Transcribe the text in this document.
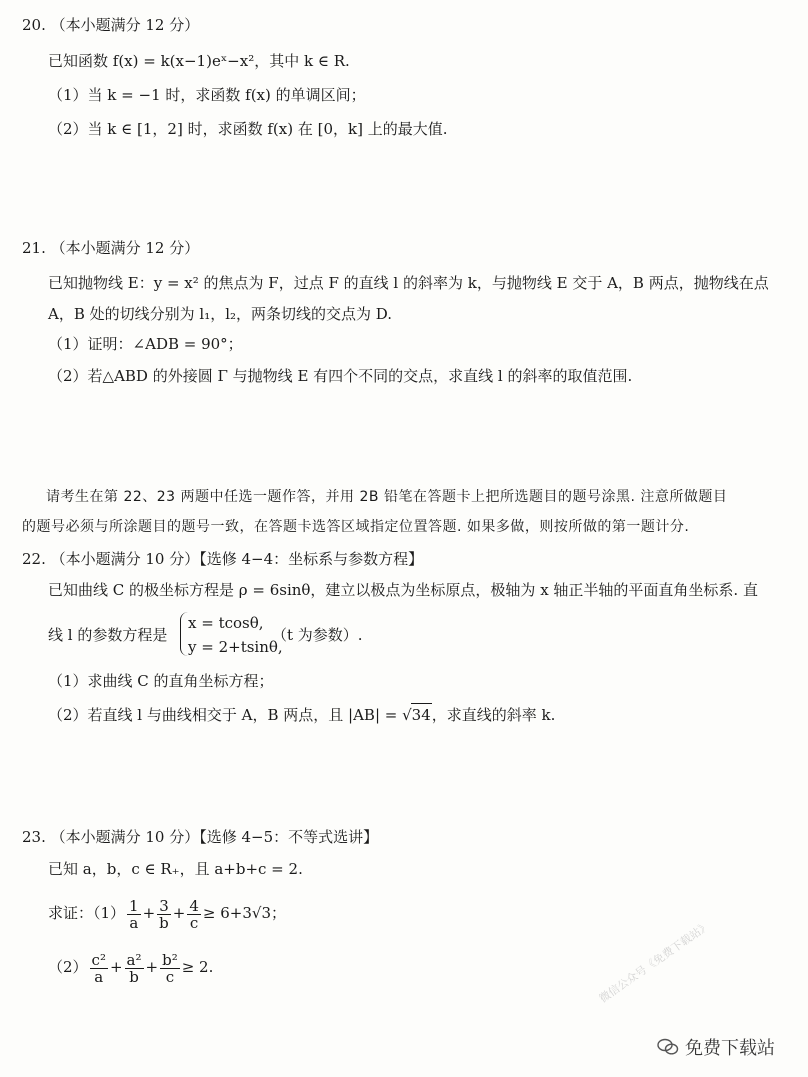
20. （本小题满分 12 分）
已知函数 f(x) = k(x−1)eˣ−x²，其中 k ∈ R.
（1）当 k = −1 时，求函数 f(x) 的单调区间；
（2）当 k ∈ [1，2] 时，求函数 f(x) 在 [0，k] 上的最大值.
21. （本小题满分 12 分）
已知抛物线 E：y = x² 的焦点为 F，过点 F 的直线 l 的斜率为 k，与抛物线 E 交于 A，B 两点，抛物线在点
A，B 处的切线分别为 l₁，l₂，两条切线的交点为 D.
（1）证明：∠ADB = 90°；
（2）若△ABD 的外接圆 Γ 与抛物线 E 有四个不同的交点，求直线 l 的斜率的取值范围.
请考生在第 22、23 两题中任选一题作答，并用 2B 铅笔在答题卡上把所选题目的题号涂黑. 注意所做题目
的题号必须与所涂题目的题号一致，在答题卡选答区域指定位置答题. 如果多做，则按所做的第一题计分.
22. （本小题满分 10 分）【选修 4−4：坐标系与参数方程】
已知曲线 C 的极坐标方程是 ρ = 6sinθ，建立以极点为坐标原点，极轴为 x 轴正半轴的平面直角坐标系. 直
线 l 的参数方程是
x = tcosθ,
y = 2+tsinθ,
（t 为参数）.
（1）求曲线 C 的直角坐标方程；
（2）若直线 l 与曲线相交于 A，B 两点，且 |AB| = √34，求直线的斜率 k.
23. （本小题满分 10 分）【选修 4−5：不等式选讲】
已知 a，b，c ∈ R₊，且 a+b+c = 2.
求证：$(1) \frac{1}{a} + \frac{3}{b} + \frac{4}{c} \ge 6+3√3$；
$(2) \frac{\text{c²}}{a} + \frac{\text{a²}}{b} + \frac{\text{b²}}{c} \ge 2$.	微信公众号《免费下载站》
免费下载站
